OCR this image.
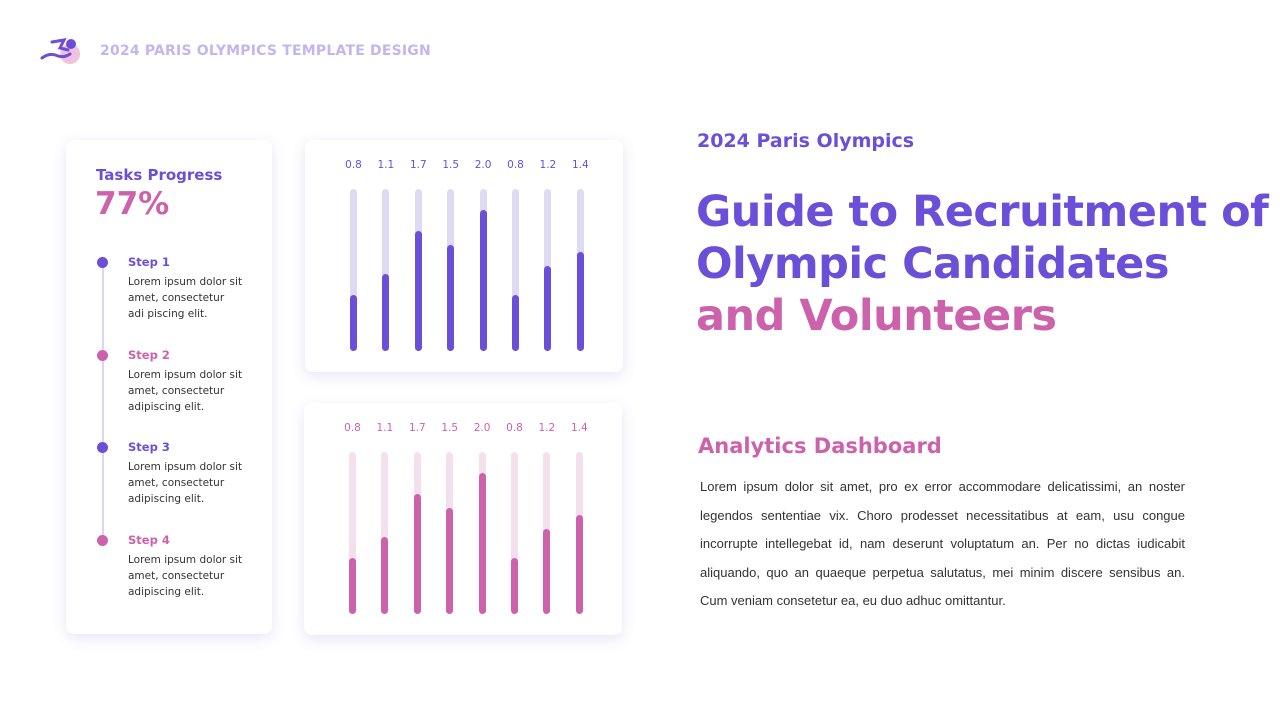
2024 PARIS OLYMPICS TEMPLATE DESIGN
Tasks Progress
77%
Step 1
Lorem ipsum dolor sit amet, consectetur adi piscing elit.
Step 2
Lorem ipsum dolor sit amet, consectetur adipiscing elit.
Step 3
Lorem ipsum dolor sit amet, consectetur adipiscing elit.
Step 4
Lorem ipsum dolor sit amet, consectetur adipiscing elit.
0.8	1.1	1.7	1.5	2.0	0.8	1.2	1.4
0.8	1.1	1.7	1.5	2.0	0.8	1.2	1.4
2024 Paris Olympics
Guide to Recruitment of
Olympic Candidates
and Volunteers
Analytics Dashboard
Lorem ipsum dolor sit amet, pro ex error accommodare delicatissimi, an nоster legendos sententiae vix. Choro prodesset necessitatibus at eam, usu congue incorrupte intellegebat id, nam deserunt voluptatum an. Per no dictas iudicabit aliquando, quo an quaeque perpetua salutatus, mei minim discere sensibus an. Cum veniam consetetur ea, eu duo adhuc omittantur.
